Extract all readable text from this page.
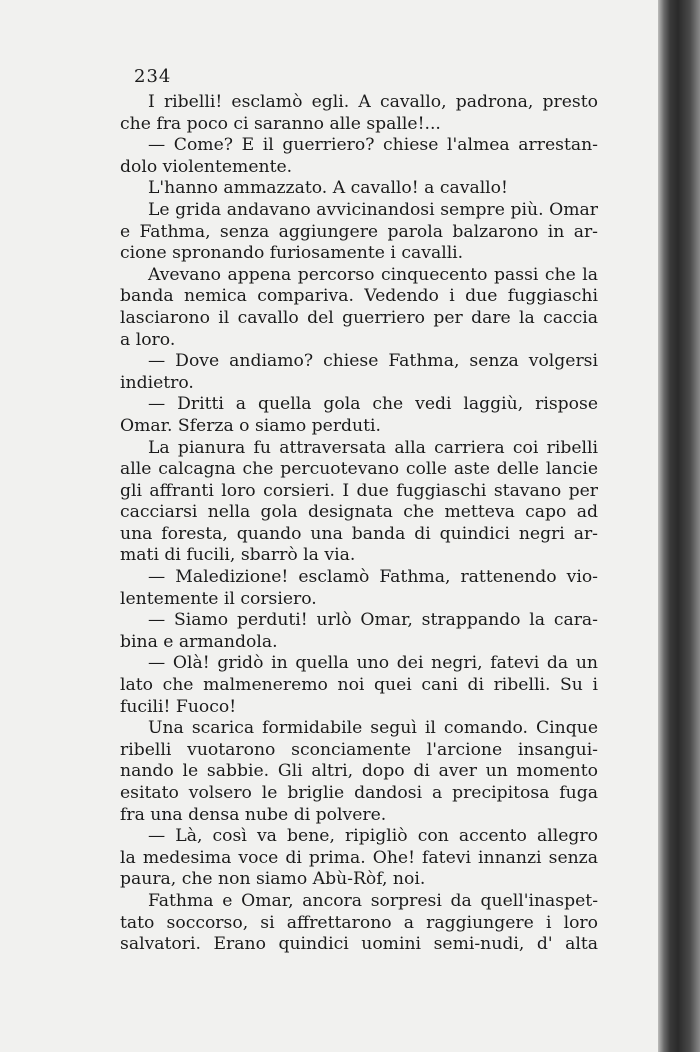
234
I ribelli! esclamò egli. A cavallo, padrona, presto
che fra poco ci saranno alle spalle!...
— Come? E il guerriero? chiese l'almea arrestan-
dolo violentemente.
L'hanno ammazzato. A cavallo! a cavallo!
Le grida andavano avvicinandosi sempre più. Omar
e Fathma, senza aggiungere parola balzarono in ar-
cione spronando furiosamente i cavalli.
Avevano appena percorso cinquecento passi che la
banda nemica compariva. Vedendo i due fuggiaschi
lasciarono il cavallo del guerriero per dare la caccia
a loro.
— Dove andiamo? chiese Fathma, senza volgersi
indietro.
— Dritti a quella gola che vedi laggiù, rispose
Omar. Sferza o siamo perduti.
La pianura fu attraversata alla carriera coi ribelli
alle calcagna che percuotevano colle aste delle lancie
gli affranti loro corsieri. I due fuggiaschi stavano per
cacciarsi nella gola designata che metteva capo ad
una foresta, quando una banda di quindici negri ar-
mati di fucili, sbarrò la via.
— Maledizione! esclamò Fathma, rattenendo vio-
lentemente il corsiero.
— Siamo perduti! urlò Omar, strappando la cara-
bina e armandola.
— Olà! gridò in quella uno dei negri, fatevi da un
lato che malmeneremo noi quei cani di ribelli. Su i
fucili! Fuoco!
Una scarica formidabile seguì il comando. Cinque
ribelli vuotarono sconciamente l'arcione insangui-
nando le sabbie. Gli altri, dopo di aver un momento
esitato volsero le briglie dandosi a precipitosa fuga
fra una densa nube di polvere.
— Là, così va bene, ripigliò con accento allegro
la medesima voce di prima. Ohe! fatevi innanzi senza
paura, che non siamo Abù-Ròf, noi.
Fathma e Omar, ancora sorpresi da quell'inaspet-
tato soccorso, si affrettarono a raggiungere i loro
salvatori. Erano quindici uomini semi-nudi, d' alta
